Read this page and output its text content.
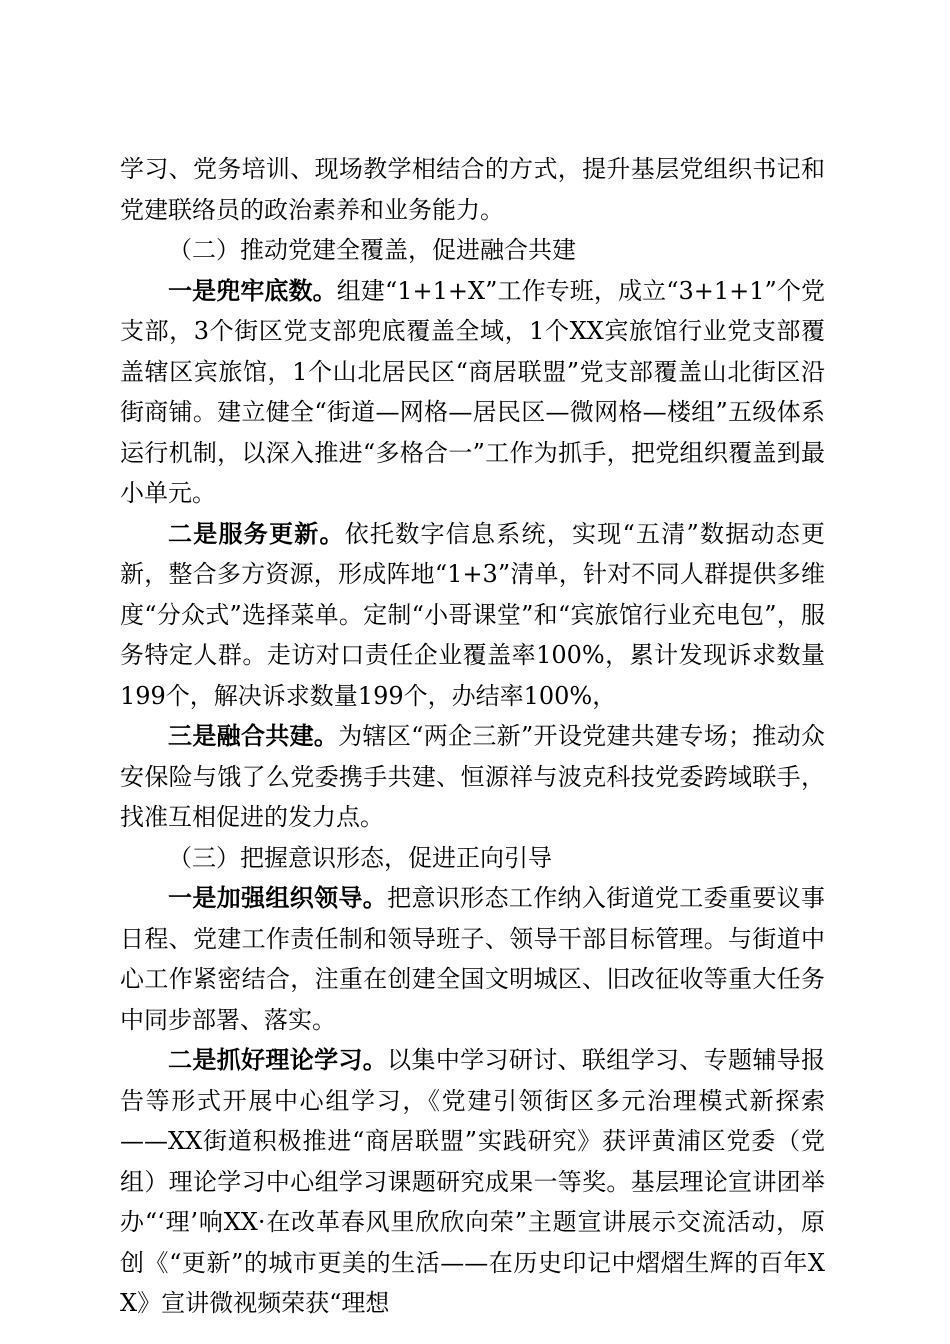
学习、党务培训、现场教学相结合的方式，提升基层党组织书记和党建联络员的政治素养和业务能力。

（二）推动党建全覆盖，促进融合共建

一是兜牢底数。组建“1+1+X”工作专班，成立“3+1+1”个党支部，3个街区党支部兜底覆盖全域，1个XX宾旅馆行业党支部覆盖辖区宾旅馆，1个山北居民区“商居联盟”党支部覆盖山北街区沿街商铺。建立健全“街道—网格—居民区—微网格—楼组”五级体系运行机制，以深入推进“多格合一”工作为抓手，把党组织覆盖到最小单元。

二是服务更新。依托数字信息系统，实现“五清”数据动态更新，整合多方资源，形成阵地“1+3”清单，针对不同人群提供多维度“分众式”选择菜单。定制“小哥课堂”和“宾旅馆行业充电包”，服务特定人群。走访对口责任企业覆盖率100%，累计发现诉求数量199个，解决诉求数量199个，办结率100%，

三是融合共建。为辖区“两企三新”开设党建共建专场；推动众安保险与饿了么党委携手共建、恒源祥与波克科技党委跨域联手，找准互相促进的发力点。

（三）把握意识形态，促进正向引导

一是加强组织领导。把意识形态工作纳入街道党工委重要议事日程、党建工作责任制和领导班子、领导干部目标管理。与街道中心工作紧密结合，注重在创建全国文明城区、旧改征收等重大任务中同步部署、落实。

二是抓好理论学习。以集中学习研讨、联组学习、专题辅导报告等形式开展中心组学习，《党建引领街区多元治理模式新探索——XX街道积极推进“商居联盟”实践研究》获评黄浦区党委（党组）理论学习中心组学习课题研究成果一等奖。基层理论宣讲团举办“‘理’响XX·在改革春风里欣欣向荣”主题宣讲展示交流活动，原创《“更新”的城市更美的生活——在历史印记中熠熠生辉的百年XX》宣讲微视频荣获“理想
